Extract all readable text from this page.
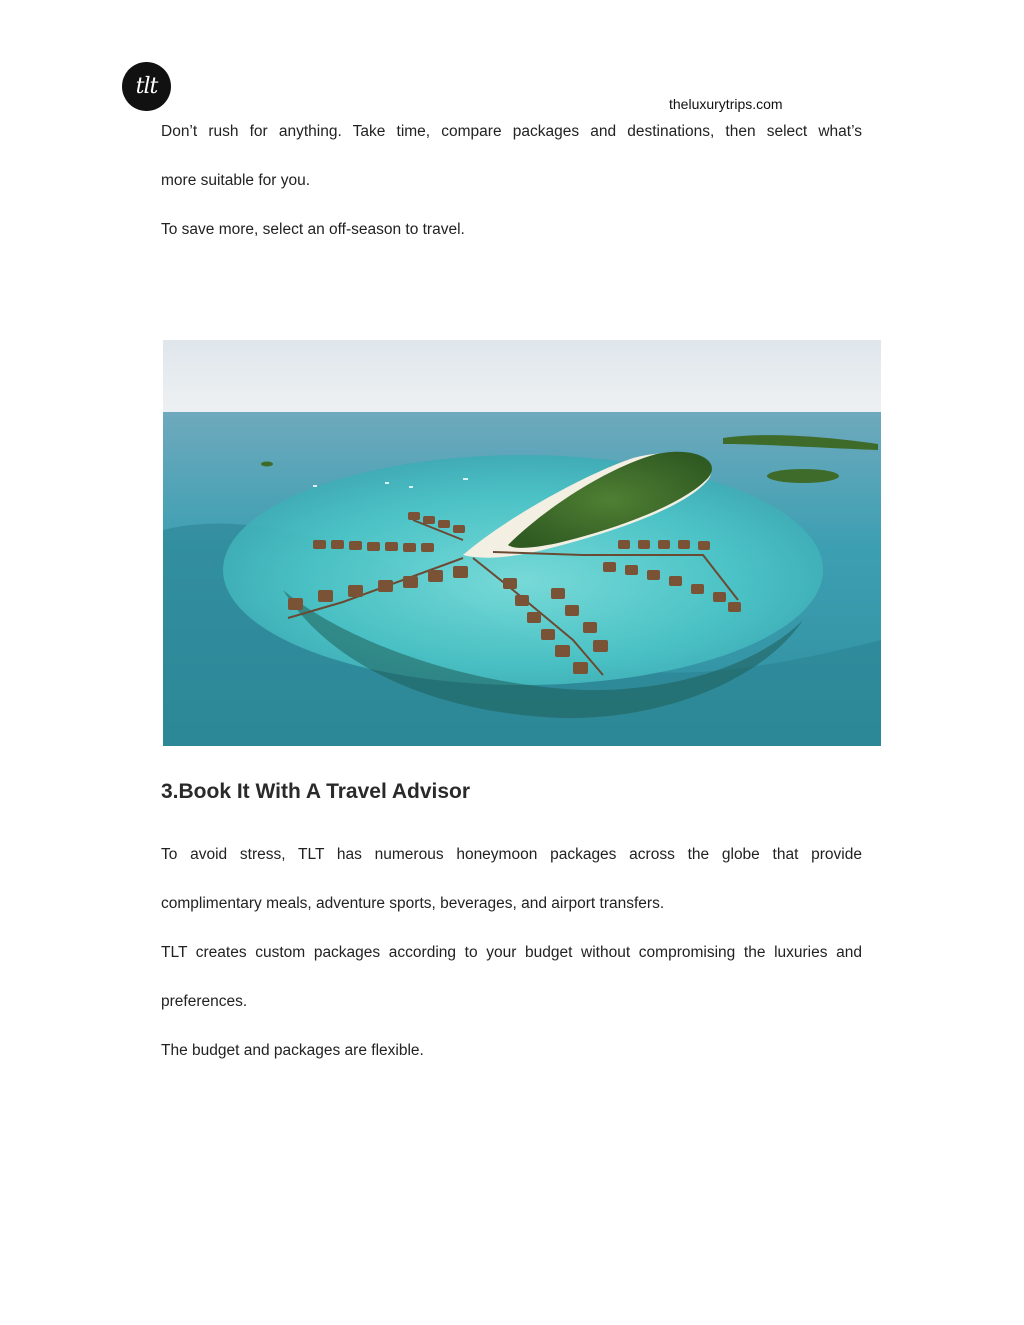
tlt
theluxurytrips.com
Don’t rush for anything. Take time, compare packages and destinations, then select what’s
more suitable for you.
To save more, select an off-season to travel.
3.Book It With A Travel Advisor
To avoid stress, TLT has numerous honeymoon packages across the globe that provide
complimentary meals, adventure sports, beverages, and airport transfers.
TLT creates custom packages according to your budget without compromising the luxuries and
preferences.
The budget and packages are flexible.
